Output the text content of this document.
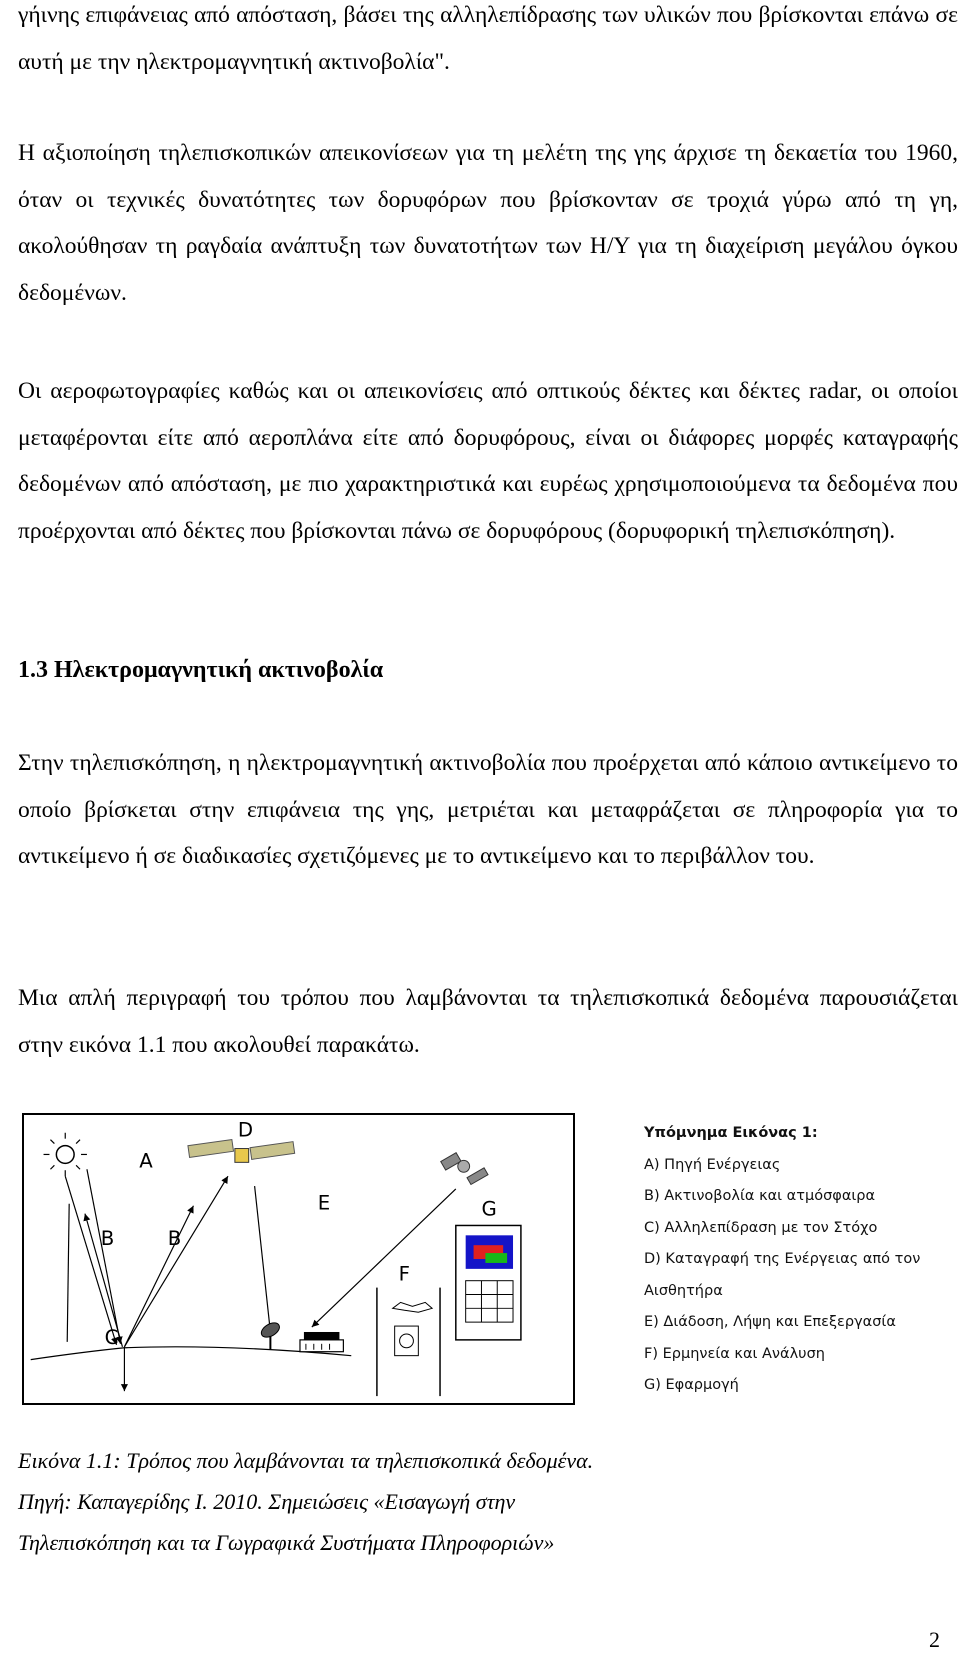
γήινης επιφάνειας από απόσταση, βάσει της αλληλεπίδρασης των υλικών που βρίσκονται επάνω σε αυτή με την ηλεκτρομαγνητική ακτινοβολία".

Η αξιοποίηση τηλεπισκοπικών απεικονίσεων για τη μελέτη της γης άρχισε τη δεκαετία του 1960, όταν οι τεχνικές δυνατότητες των δορυφόρων που βρίσκονταν σε τροχιά γύρω από τη γη, ακολούθησαν τη ραγδαία ανάπτυξη των δυνατοτήτων των Η/Υ για τη διαχείριση μεγάλου όγκου δεδομένων.

Οι αεροφωτογραφίες καθώς και οι απεικονίσεις από οπτικούς δέκτες και δέκτες radar, οι οποίοι μεταφέρονται είτε από αεροπλάνα είτε από δορυφόρους, είναι οι διάφορες μορφές καταγραφής δεδομένων από απόσταση, με πιο χαρακτηριστικά και ευρέως χρησιμοποιούμενα τα δεδομένα που προέρχονται από δέκτες που βρίσκονται πάνω σε δορυφόρους (δορυφορική τηλεπισκόπηση).

1.3 Ηλεκτρομαγνητική ακτινοβολία

Στην τηλεπισκόπηση, η ηλεκτρομαγνητική ακτινοβολία που προέρχεται από κάποιο αντικείμενο το οποίο βρίσκεται στην επιφάνεια της γης, μετριέται και μεταφράζεται σε πληροφορία για το αντικείμενο ή σε διαδικασίες σχετιζόμενες με το αντικείμενο και το περιβάλλον του.

Μια απλή περιγραφή του τρόπου που λαμβάνονται τα τηλεπισκοπικά δεδομένα παρουσιάζεται στην εικόνα 1.1 που ακολουθεί παρακάτω.

A
B	B
C
D
E
F
G
Υπόμνημα Εικόνας 1:
Α) Πηγή Ενέργειας
Β) Ακτινοβολία και ατμόσφαιρα
C) Αλληλεπίδραση με τον Στόχο
D) Καταγραφή της Ενέργειας από τον
Αισθητήρα
E) Διάδοση, Λήψη και Επεξεργασία
F) Ερμηνεία και Ανάλυση
G) Εφαρμογή
Εικόνα 1.1: Τρόπος που λαμβάνονται τα τηλεπισκοπικά δεδομένα.
Πηγή: Καπαγερίδης Ι. 2010. Σημειώσεις «Εισαγωγή στην
Τηλεπισκόπηση και τα Γωγραφικά Συστήματα Πληροφοριών»
2
